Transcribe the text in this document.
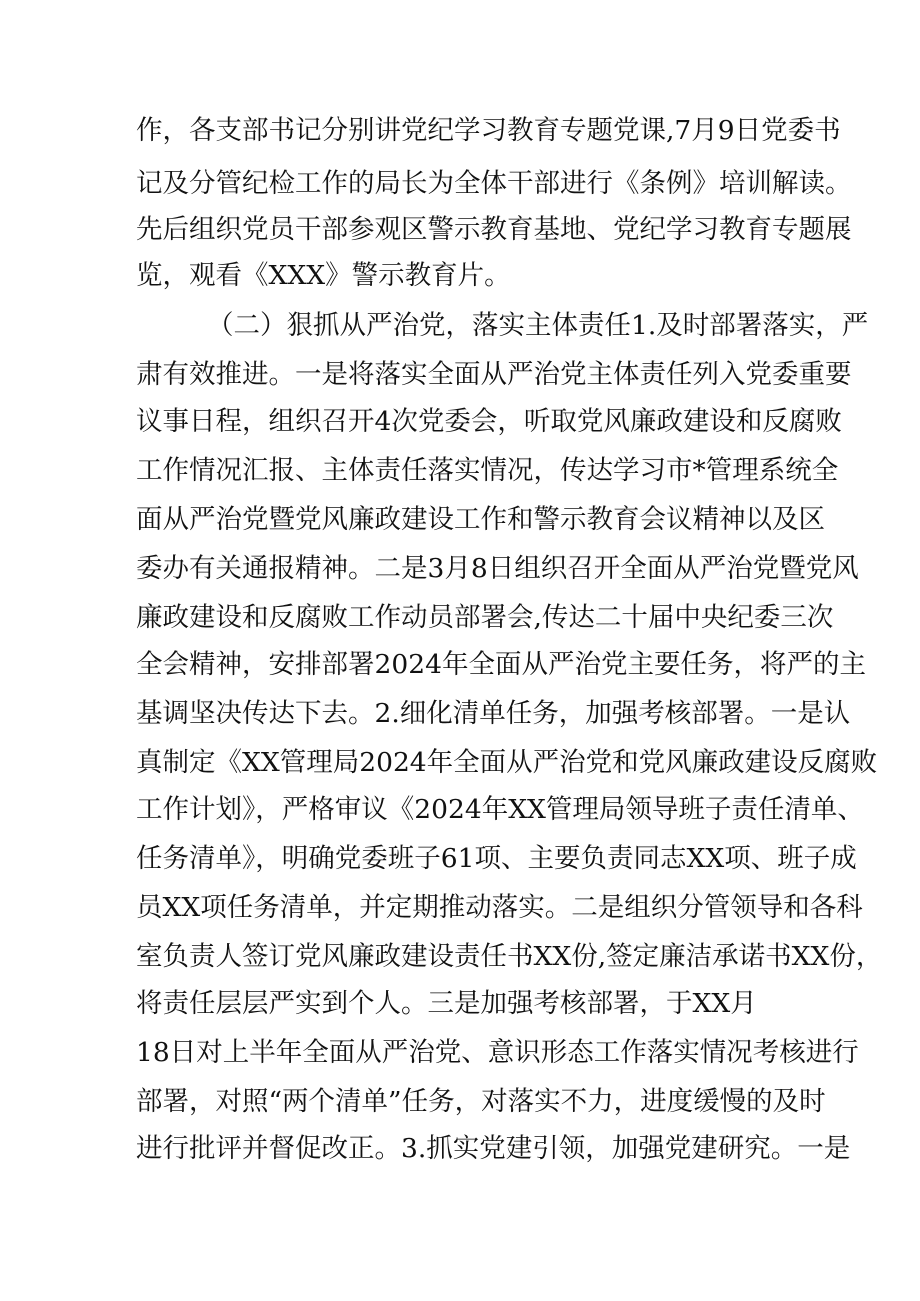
作，各支部书记分别讲党纪学习教育专题党课,7月9日党委书
记及分管纪检工作的局长为全体干部进行《条例》培训解读。
先后组织党员干部参观区警示教育基地、党纪学习教育专题展
览，观看《XXX》警示教育片。
（二）狠抓从严治党，落实主体责任1.及时部署落实，严
肃有效推进。一是将落实全面从严治党主体责任列入党委重要
议事日程，组织召开4次党委会，听取党风廉政建设和反腐败
工作情况汇报、主体责任落实情况，传达学习市*管理系统全
面从严治党暨党风廉政建设工作和警示教育会议精神以及区
委办有关通报精神。二是3月8日组织召开全面从严治党暨党风
廉政建设和反腐败工作动员部署会,传达二十届中央纪委三次
全会精神，安排部署2024年全面从严治党主要任务，将严的主
基调坚决传达下去。2.细化清单任务，加强考核部署。一是认
真制定《XX管理局2024年全面从严治党和党风廉政建设反腐败
工作计划》，严格审议《2024年XX管理局领导班子责任清单、
任务清单》，明确党委班子61项、主要负责同志XX项、班子成
员XX项任务清单，并定期推动落实。二是组织分管领导和各科
室负责人签订党风廉政建设责任书XX份,签定廉洁承诺书XX份，
将责任层层严实到个人。三是加强考核部署，于XX月
18日对上半年全面从严治党、意识形态工作落实情况考核进行
部署，对照“两个清单”任务，对落实不力，进度缓慢的及时
进行批评并督促改正。3.抓实党建引领，加强党建研究。一是
